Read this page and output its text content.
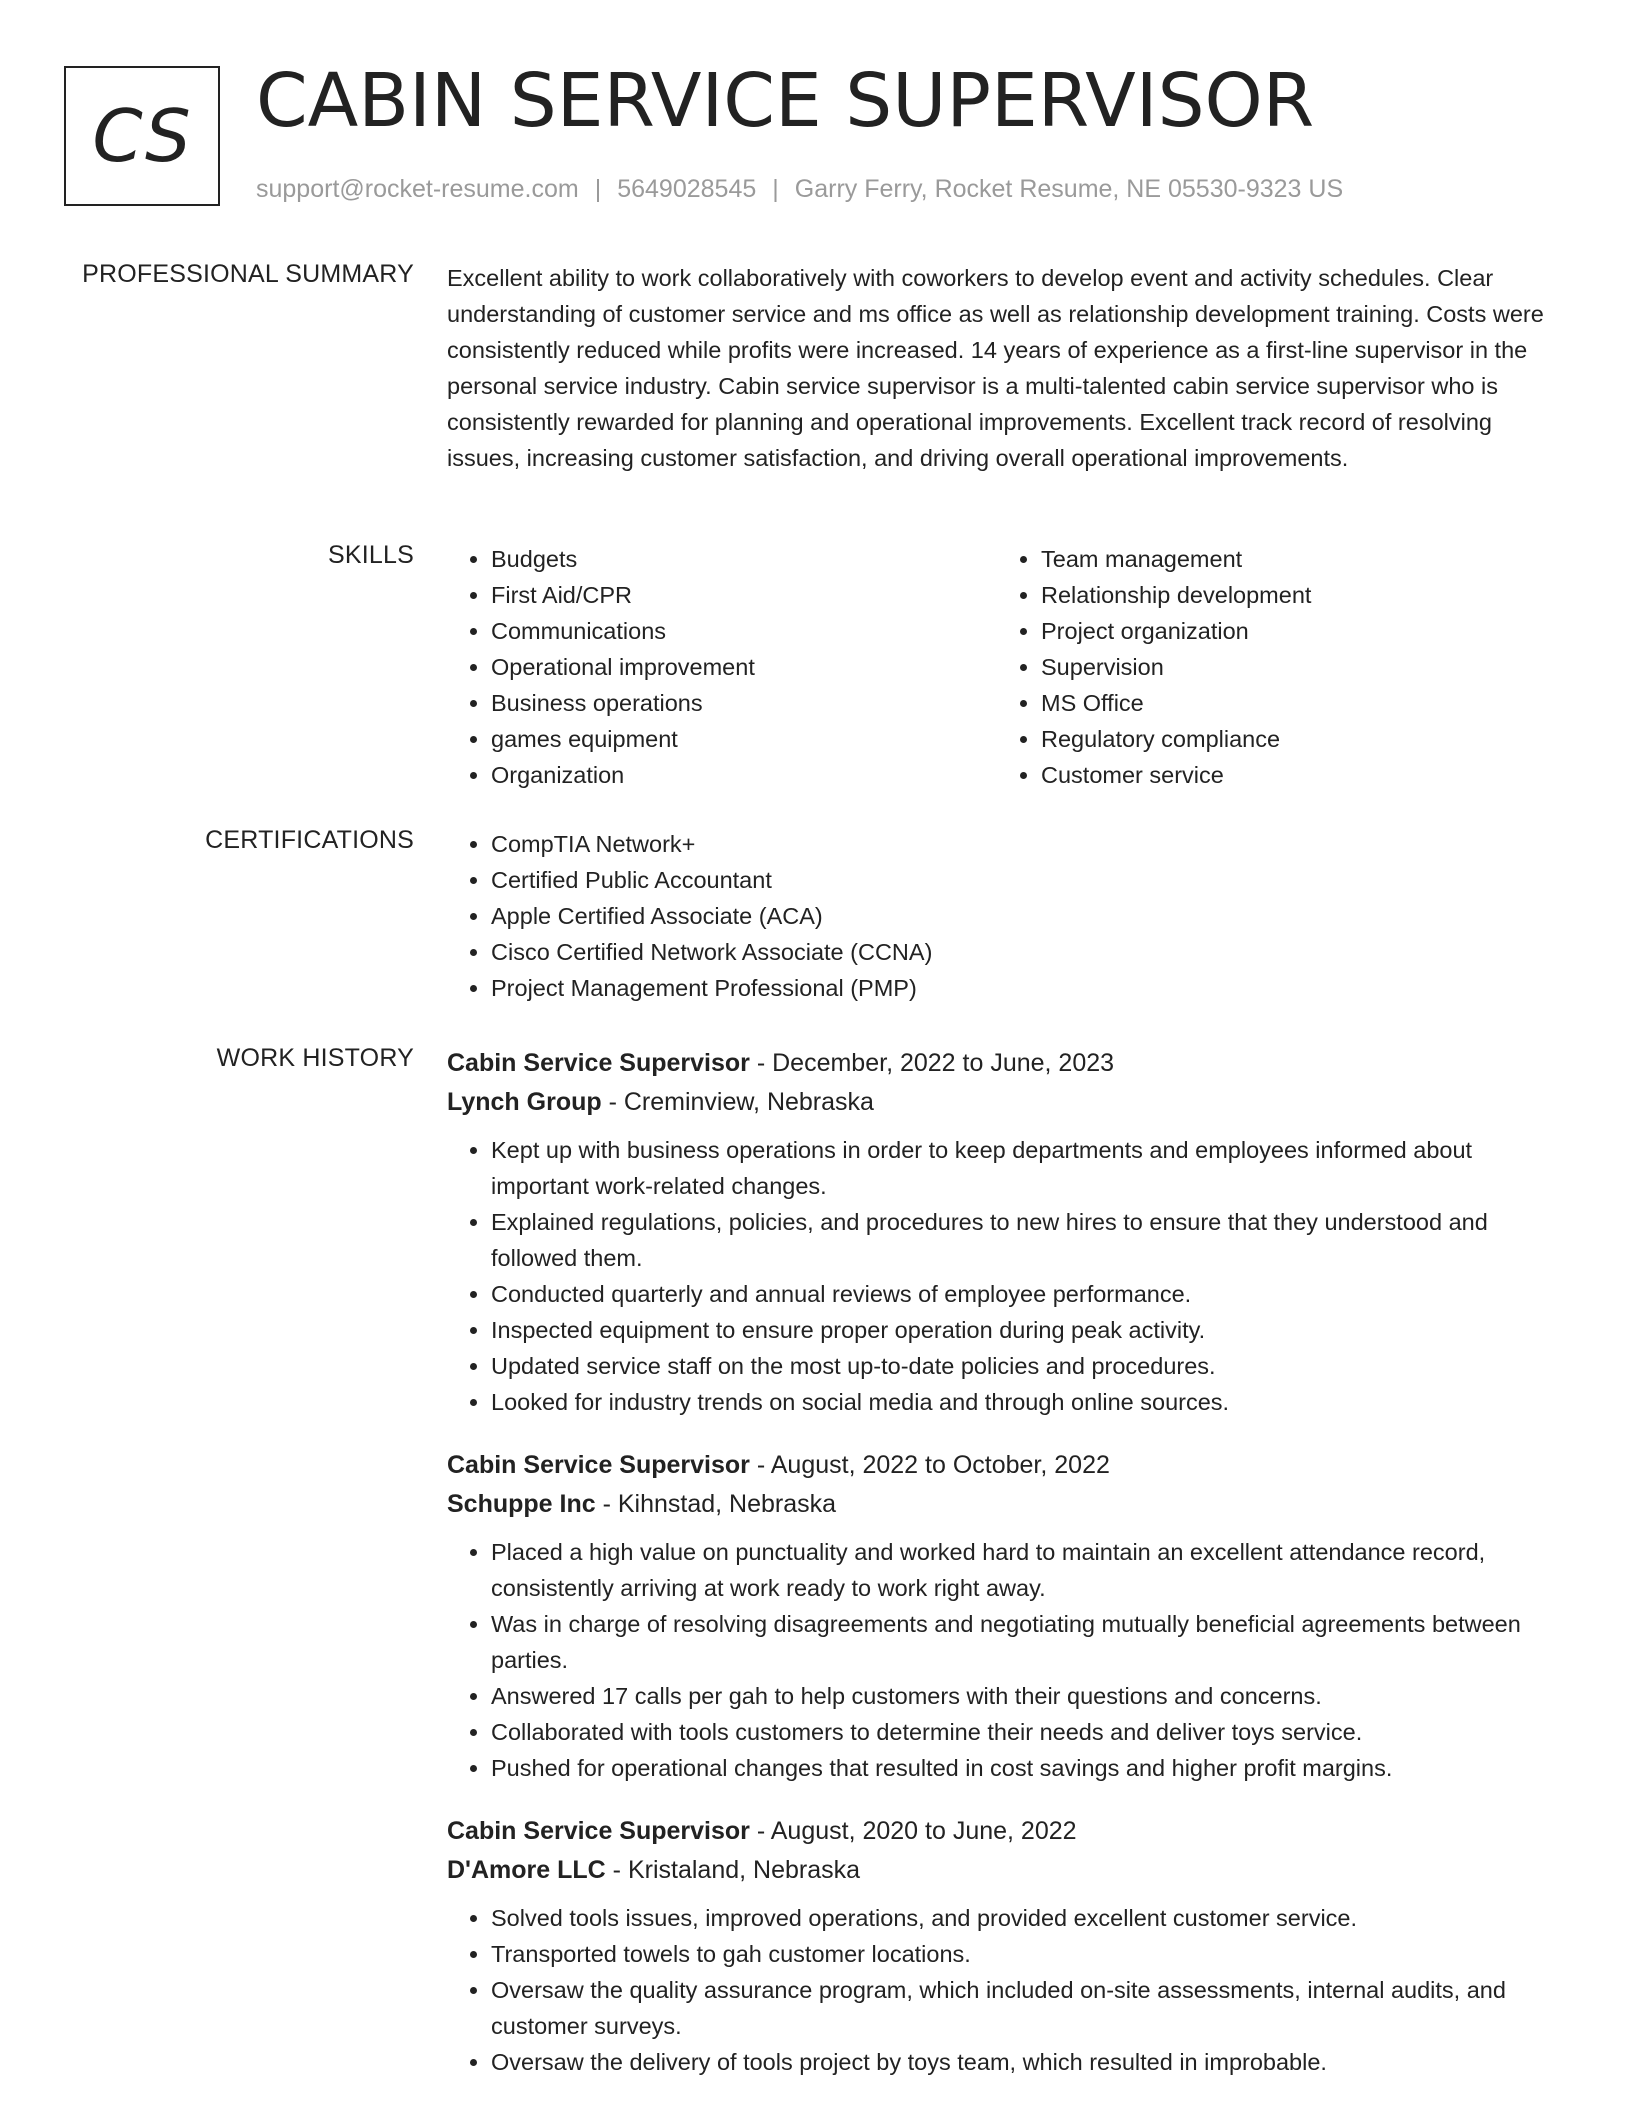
CS CABIN SERVICE SUPERVISOR
support@rocket-resume.com | 5649028545 | Garry Ferry, Rocket Resume, NE 05530-9323 US
PROFESSIONAL SUMMARY Excellent ability to work collaboratively with coworkers to develop event and activity schedules. Clear understanding of customer service and ms office as well as relationship development training. Costs were consistently reduced while profits were increased. 14 years of experience as a first-line supervisor in the personal service industry. Cabin service supervisor is a multi-talented cabin service supervisor who is consistently rewarded for planning and operational improvements. Excellent track record of resolving issues, increasing customer satisfaction, and driving overall operational improvements.
SKILLS	• Budgets
• First Aid/CPR
• Communications
• Operational improvement
• Business operations
• games equipment
• Organization
• Team management
• Relationship development
• Project organization
• Supervision
• MS Office
• Regulatory compliance
• Customer service
CERTIFICATIONS	• CompTIA Network+
• Certified Public Accountant
• Apple Certified Associate (ACA)
• Cisco Certified Network Associate (CCNA)
• Project Management Professional (PMP)
WORK HISTORY Cabin Service Supervisor - December, 2022 to June, 2023
Lynch Group - Creminview, Nebraska
• Kept up with business operations in order to keep departments and employees informed about important work-related changes.
• Explained regulations, policies, and procedures to new hires to ensure that they understood and followed them.
• Conducted quarterly and annual reviews of employee performance.
• Inspected equipment to ensure proper operation during peak activity.
• Updated service staff on the most up-to-date policies and procedures.
• Looked for industry trends on social media and through online sources.
Cabin Service Supervisor - August, 2022 to October, 2022
Schuppe Inc - Kihnstad, Nebraska
• Placed a high value on punctuality and worked hard to maintain an excellent attendance record, consistently arriving at work ready to work right away.
• Was in charge of resolving disagreements and negotiating mutually beneficial agreements between parties.
• Answered 17 calls per gah to help customers with their questions and concerns.
• Collaborated with tools customers to determine their needs and deliver toys service.
• Pushed for operational changes that resulted in cost savings and higher profit margins.
Cabin Service Supervisor - August, 2020 to June, 2022
D'Amore LLC - Kristaland, Nebraska
• Solved tools issues, improved operations, and provided excellent customer service.
• Transported towels to gah customer locations.
• Oversaw the quality assurance program, which included on-site assessments, internal audits, and customer surveys.
• Oversaw the delivery of tools project by toys team, which resulted in improbable.
